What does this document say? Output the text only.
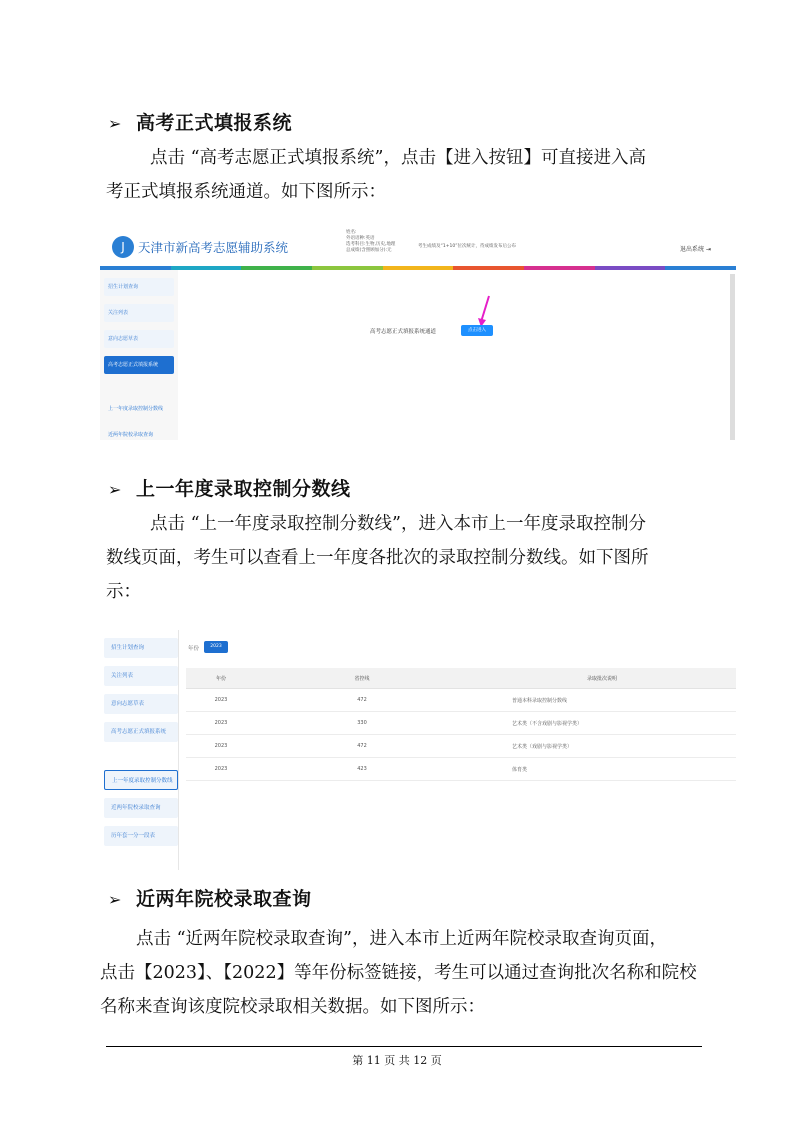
➢ 高考正式填报系统
点击 “高考志愿正式填报系统”，点击【进入按钮】可直接进入高
考正式填报系统通道。如下图所示：
J	天津市新高考志愿辅助系统
姓名:
外语语种:英语
选考科目:生物,历史,地理
总成绩(含照顾加分):无
考生成绩及“1+10”位次统计，待成绩发布后公布	退出系统 ⇥
招生计划查询
关注列表
意向志愿草表
高考志愿正式填报系统
上一年度录取控制分数线
近两年院校录取查询
高考志愿正式填报系统通道	点击进入
➢ 上一年度录取控制分数线
点击 “上一年度录取控制分数线”，进入本市上一年度录取控制分
数线页面，考生可以查看上一年度各批次的录取控制分数线。如下图所
示：
招生计划查询
关注列表
意向志愿草表
高考志愿正式填报系统
上一年度录取控制分数线
近两年院校录取查询
历年套一分一段表
年份	2023
年份	省控线	录取批次说明
2023	472	普通本科录取控制分数线
2023	330	艺术类（不含戏剧与影视学类）
2023	472	艺术类（戏剧与影视学类）
2023	423	体育类
➢ 近两年院校录取查询
点击 “近两年院校录取查询”，进入本市上近两年院校录取查询页面，
点击【2023】、【2022】等年份标签链接，考生可以通过查询批次名称和院校
名称来查询该度院校录取相关数据。如下图所示：
第 11 页 共 12 页
